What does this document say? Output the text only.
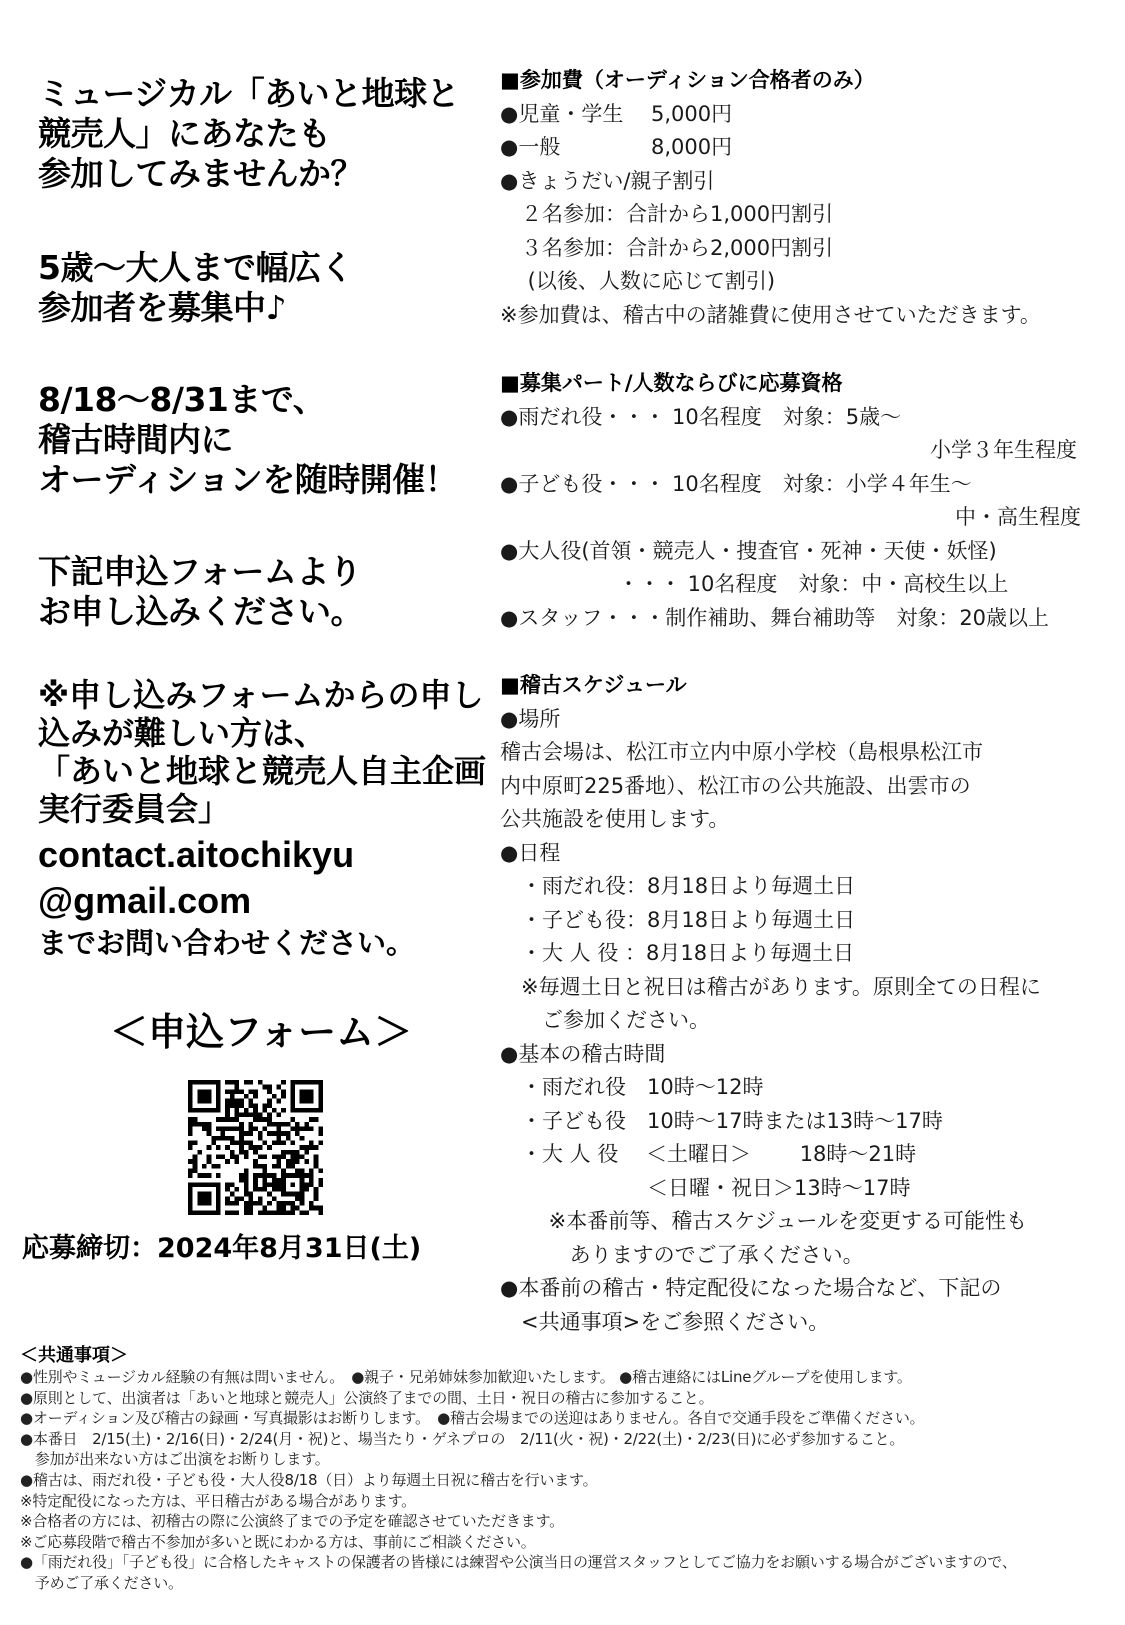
ミュージカル「あいと地球と
競売人」にあなたも
参加してみませんか？
5歳～大人まで幅広く
参加者を募集中♪
8/18～8/31まで、
稽古時間内に
オーディションを随時開催！
下記申込フォームより
お申し込みください。
※申し込みフォームからの申し
込みが難しい方は、
「あいと地球と競売人自主企画
実行委員会」
contact.aitochikyu
@gmail.com
までお問い合わせください。
＜申込フォーム＞
応募締切：2024年8月31日(土)
■参加費（オーディション合格者のみ）
●児童・学生　 5,000円
●一般　　　　 8,000円
●きょうだい/親子割引
　２名参加：合計から1,000円割引
　３名参加：合計から2,000円割引
　 (以後、人数に応じて割引)
※参加費は、稽古中の諸雑費に使用させていただきます。
■募集パート/人数ならびに応募資格
●雨だれ役・・・ 10名程度　対象：5歳～
小学３年生程度
●子ども役・・・ 10名程度　対象：小学４年生～
中・高生程度
●大人役(首領・競売人・捜査官・死神・天使・妖怪)
・・・ 10名程度　対象：中・高校生以上
●スタッフ・・・制作補助、舞台補助等　対象：20歳以上
■稽古スケジュール
●場所
稽古会場は、松江市立内中原小学校（島根県松江市
内中原町225番地）、松江市の公共施設、出雲市の
公共施設を使用します。
●日程
　・雨だれ役：8月18日より毎週土日
　・子ども役：8月18日より毎週土日
　・大 人 役 ：8月18日より毎週土日
　※毎週土日と祝日は稽古があります。原則全ての日程に
　　ご参加ください。
●基本の稽古時間
　・雨だれ役　10時～12時
　・子ども役　10時～17時または13時～17時
　・大 人 役　 ＜土曜日＞　　 18時～21時
　　　　　　　＜日曜・祝日＞13時～17時
　　 ※本番前等、稽古スケジュールを変更する可能性も
　　　 ありますのでご了承ください。
●本番前の稽古・特定配役になった場合など、下記の
　<共通事項>をご参照ください。
＜共通事項＞
●性別やミュージカル経験の有無は問いません。　●親子・兄弟姉妹参加歓迎いたします。 ●稽古連絡にはLineグループを使用します。
●原則として、出演者は「あいと地球と競売人」公演終了までの間、土日・祝日の稽古に参加すること。
●オーディション及び稽古の録画・写真撮影はお断りします。　●稽古会場までの送迎はありません。各自で交通手段をご準備ください。
●本番日　2/15(土)・2/16(日)・2/24(月・祝)と、場当たり・ゲネプロの　2/11(火・祝)・2/22(土)・2/23(日)に必ず参加すること。
　参加が出来ない方はご出演をお断りします。
●稽古は、雨だれ役・子ども役・大人役8/18（日）より毎週土日祝に稽古を行います。
※特定配役になった方は、平日稽古がある場合があります。
※合格者の方には、初稽古の際に公演終了までの予定を確認させていただきます。
※ご応募段階で稽古不参加が多いと既にわかる方は、事前にご相談ください。
●「雨だれ役」「子ども役」に合格したキャストの保護者の皆様には練習や公演当日の運営スタッフとしてご協力をお願いする場合がございますので、
　予めご了承ください。
